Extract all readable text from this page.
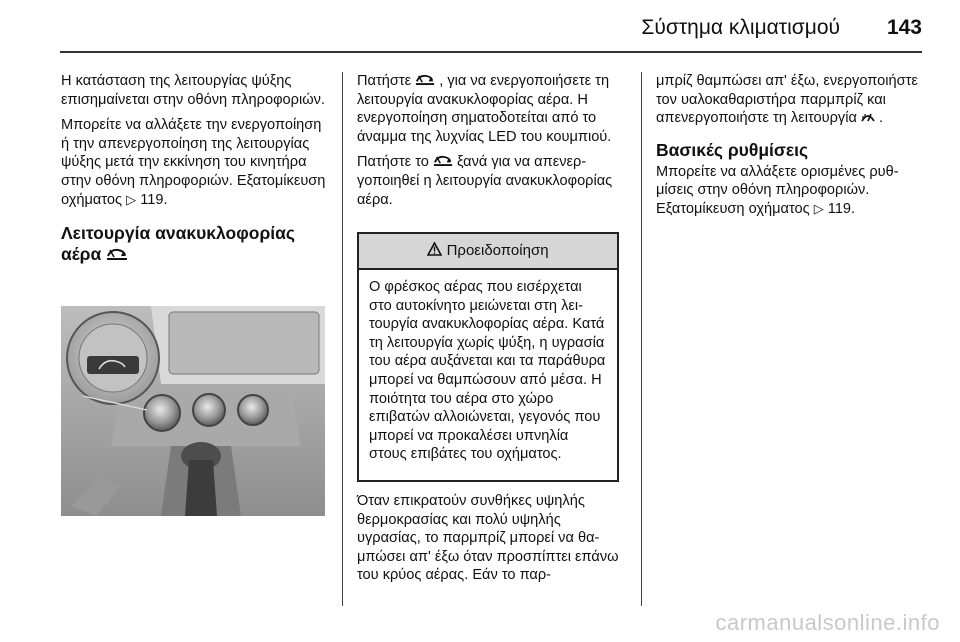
Σύστημα κλιματισμού 143

Η κατάσταση της λειτουργίας ψύξης επισημαίνεται στην οθόνη πληροφοριών.

Μπορείτε να αλλάξετε την ενεργοποίηση ή την απενεργοποίηση της λειτουργίας ψύξης μετά την εκκίνηση του κινητήρα στην οθόνη πληροφοριών. Εξατομίκευση οχήματος ▷ 119.

Λειτουργία ανακυκλοφορίας αέρα

Πατήστε , για να ενεργοποιήσετε τη λειτουργία ανακυκλοφορίας αέρα. Η ενεργοποίηση σηματοδοτείται από το άναμμα της λυχνίας LED του κουμπιού.

Πατήστε το ξανά για να απενεργοποιηθεί η λειτουργία ανακυκλοφορίας αέρα.

Προειδοποίηση
Ο φρέσκος αέρας που εισέρχεται στο αυτοκίνητο μειώνεται στη λειτουργία ανακυκλοφορίας αέρα. Κατά τη λειτουργία χωρίς ψύξη, η υγρασία του αέρα αυξάνεται και τα παράθυρα μπορεί να θαμπώσουν από μέσα. Η ποιότητα του αέρα στο χώρο επιβατών αλλοιώνεται, γεγονός που μπορεί να προκαλέσει υπνηλία στους επιβάτες του οχήματος.

Όταν επικρατούν συνθήκες υψηλής θερμοκρασίας και πολύ υψηλής υγρασίας, το παρμπρίζ μπορεί να θαμπώσει απ' έξω όταν προσπίπτει επάνω του κρύος αέρας. Εάν το παρ-

μπρίζ θαμπώσει απ' έξω, ενεργοποιήστε τον υαλοκαθαριστήρα παρμπρίζ και απενεργοποιήστε τη λειτουργία .

Βασικές ρυθμίσεις

Μπορείτε να αλλάξετε ορισμένες ρυθμίσεις στην οθόνη πληροφοριών. Εξατομίκευση οχήματος ▷ 119.

carmanualsonline.info
